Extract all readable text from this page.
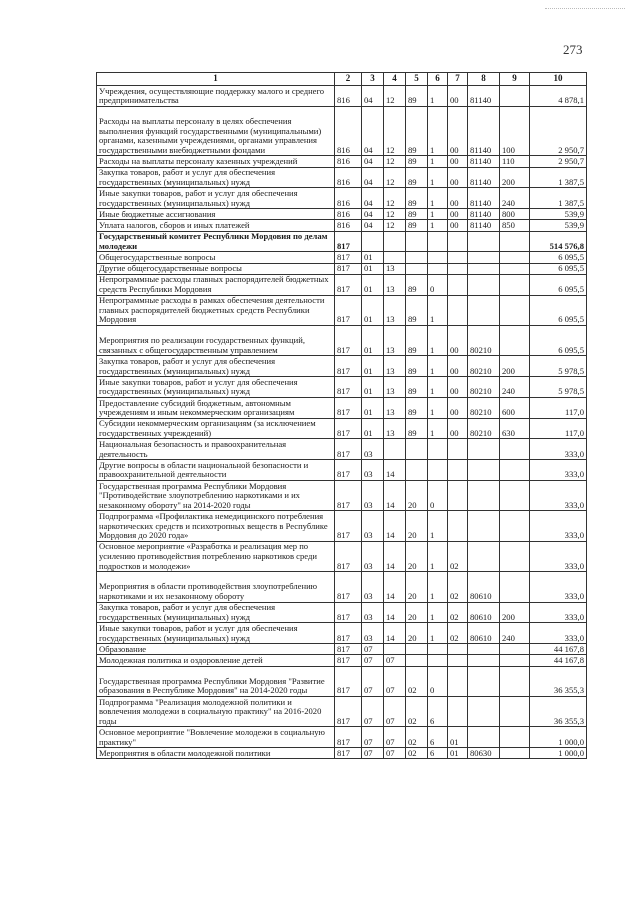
273
1	2	3	4	5	6	7	8	9	10
Учреждения, осуществляющие поддержку малого и среднего предпринимательства	816	04	12	89	1	00	81140		4 878,1
Расходы на выплаты персоналу в целях обеспечения выполнения функций государственными (муниципальными) органами, казенными учреждениями, органами управления государственными внебюджетными фондами	816	04	12	89	1	00	81140	100	2 950,7
Расходы на выплаты персоналу казенных учреждений	816	04	12	89	1	00	81140	110	2 950,7
Закупка товаров, работ и услуг для обеспечения государственных (муниципальных) нужд	816	04	12	89	1	00	81140	200	1 387,5
Иные закупки товаров, работ и услуг для обеспечения государственных (муниципальных) нужд	816	04	12	89	1	00	81140	240	1 387,5
Иные бюджетные ассигнования	816	04	12	89	1	00	81140	800	539,9
Уплата налогов, сборов и иных платежей	816	04	12	89	1	00	81140	850	539,9
Государственный комитет Республики Мордовия по делам молодежи	817								514 576,8
Общегосударственные вопросы	817	01							6 095,5
Другие общегосударственные вопросы	817	01	13						6 095,5
Непрограммные расходы главных распорядителей бюджетных средств Республики Мордовия	817	01	13	89	0				6 095,5
Непрограммные расходы в рамках обеспечения деятельности главных распорядителей бюджетных средств Республики Мордовия	817	01	13	89	1				6 095,5
Мероприятия по реализации государственных функций, связанных с общегосударственным управлением	817	01	13	89	1	00	80210		6 095,5
Закупка товаров, работ и услуг для обеспечения государственных (муниципальных) нужд	817	01	13	89	1	00	80210	200	5 978,5
Иные закупки товаров, работ и услуг для обеспечения государственных (муниципальных) нужд	817	01	13	89	1	00	80210	240	5 978,5
Предоставление субсидий бюджетным, автономным учреждениям и иным некоммерческим организациям	817	01	13	89	1	00	80210	600	117,0
Субсидии некоммерческим организациям (за исключением государственных учреждений)	817	01	13	89	1	00	80210	630	117,0
Национальная безопасность и правоохранительная деятельность	817	03							333,0
Другие вопросы в области национальной безопасности и правоохранительной деятельности	817	03	14						333,0
Государственная программа Республики Мордовия "Противодействие злоупотреблению наркотиками и их незаконному обороту" на 2014-2020 годы	817	03	14	20	0				333,0
Подпрограмма «Профилактика немедицинского потребления наркотических средств и психотропных веществ в Республике Мордовия до 2020 года»	817	03	14	20	1				333,0
Основное мероприятие «Разработка и реализация мер по усилению противодействия потреблению наркотиков среди подростков и молодежи»	817	03	14	20	1	02			333,0
Мероприятия в области противодействия злоупотреблению наркотиками и их незаконному обороту	817	03	14	20	1	02	80610		333,0
Закупка товаров, работ и услуг для обеспечения государственных (муниципальных) нужд	817	03	14	20	1	02	80610	200	333,0
Иные закупки товаров, работ и услуг для обеспечения государственных (муниципальных) нужд	817	03	14	20	1	02	80610	240	333,0
Образование	817	07							44 167,8
Молодежная политика и оздоровление детей	817	07	07						44 167,8
Государственная программа Республики Мордовия "Развитие образования в Республике Мордовия" на 2014-2020 годы	817	07	07	02	0				36 355,3
Подпрограмма "Реализация молодежной политики и вовлечения молодежи в социальную практику" на 2016-2020 годы	817	07	07	02	6				36 355,3
Основное мероприятие "Вовлечение молодежи в социальную практику"	817	07	07	02	6	01			1 000,0
Мероприятия в области молодежной политики	817	07	07	02	6	01	80630		1 000,0
